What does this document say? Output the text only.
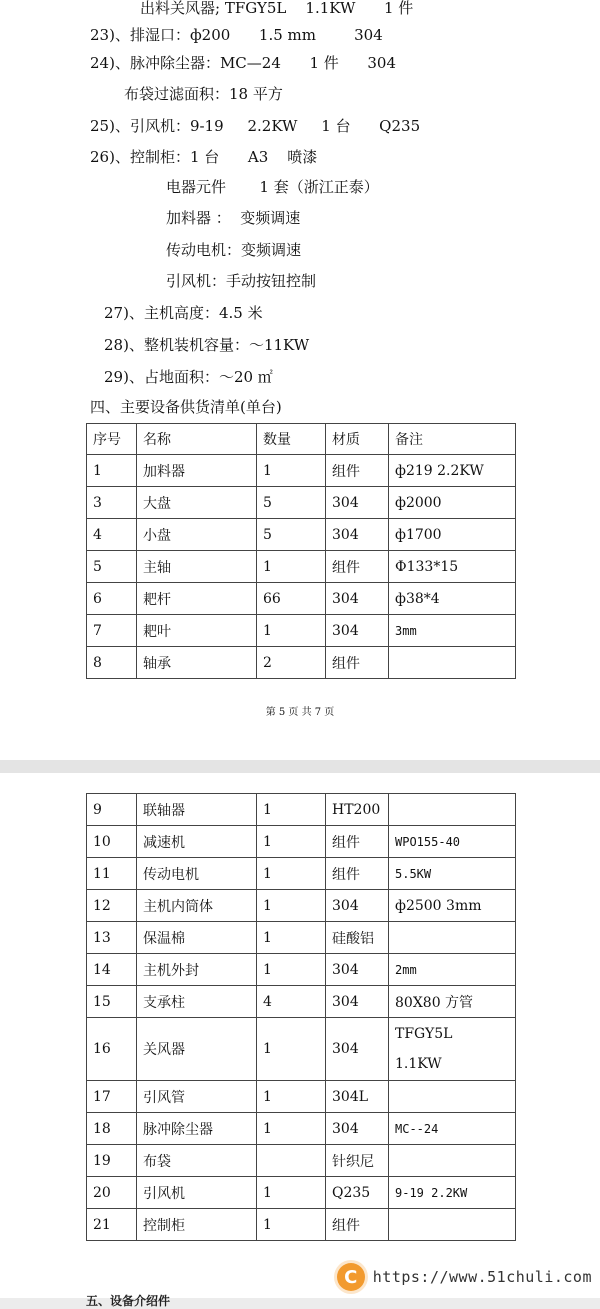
出料关风器; TFGY5L    1.1KW      1 件
23)、排湿口：ф200      1.5 mm        304
24)、脉冲除尘器：MC—24      1 件      304
布袋过滤面积：18 平方
25)、引风机：9-19     2.2KW     1 台      Q235
26)、控制柜：1 台      A3    喷漆
电器元件       1 套（浙江正泰）
加料器 ：  变频调速
传动电机：变频调速
引风机：手动按钮控制
27)、主机高度：4.5 米
28)、整机装机容量：～11KW
29)、占地面积：～20 ㎡
四、主要设备供货清单(单台)
序号	名称	数量	材质	备注
1	加料器	1	组件	ф219 2.2KW
3	大盘	5	304	ф2000
4	小盘	5	304	ф1700
5	主轴	1	组件	Ф133*15
6	耙杆	66	304	ф38*4
7	耙叶	1	304	3mm
8	轴承	2	组件	
第 5 页 共 7 页
9	联轴器	1	HT200	
10	减速机	1	组件	WPO155-40
11	传动电机	1	组件	5.5KW
12	主机内筒体	1	304	ф2500 3mm
13	保温棉	1	硅酸铝	
14	主机外封	1	304	2mm
15	支承柱	4	304	80X80 方管
16	关风器	1	304	TFGY5L
1.1KW

17	引风管	1	304L	
18	脉冲除尘器	1	304	MC--24
19	布袋		针织尼	
20	引风机	1	Q235	9-19 2.2KW
21	控制柜	1	组件	
五、设备介绍件
C	https://www.51chuli.com
